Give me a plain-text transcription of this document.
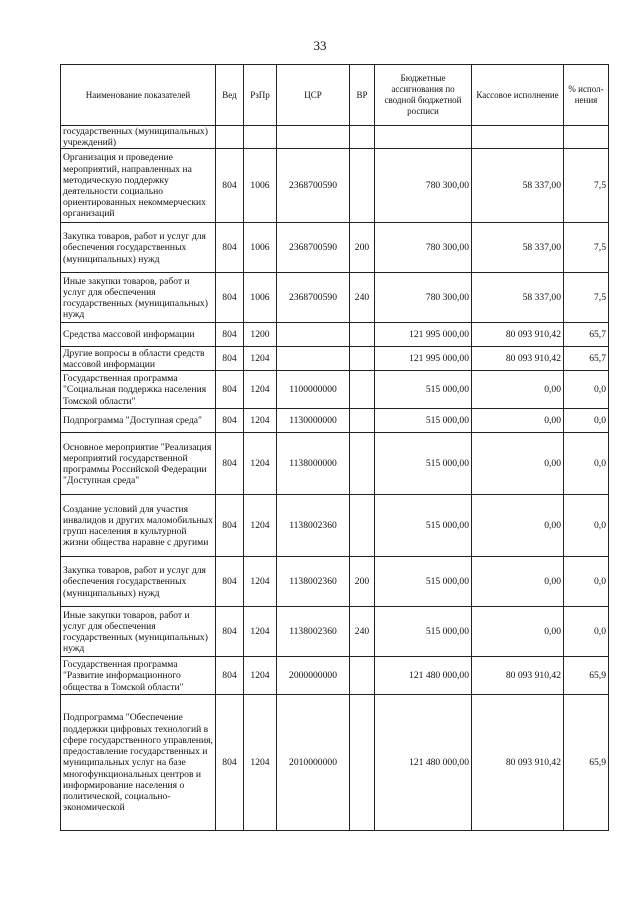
33
Наименование показателей	Вед	РзПр	ЦСР	ВР	Бюджетные ассигнования по сводной бюджетной росписи	Кассовое исполнение	% испол-нения
государственных (муниципальных) учреждений)							
Организация и проведение мероприятий, направленных на методическую поддержку деятельности социально ориентированных некоммерческих организаций	804	1006	2368700590		780 300,00	58 337,00	7,5
Закупка товаров, работ и услуг для обеспечения государственных (муниципальных) нужд	804	1006	2368700590	200	780 300,00	58 337,00	7,5
Иные закупки товаров, работ и услуг для обеспечения государственных (муниципальных) нужд	804	1006	2368700590	240	780 300,00	58 337,00	7,5
Средства массовой информации	804	1200			121 995 000,00	80 093 910,42	65,7
Другие вопросы в области средств массовой информации	804	1204			121 995 000,00	80 093 910,42	65,7
Государственная программа "Социальная поддержка населения Томской области"	804	1204	1100000000		515 000,00	0,00	0,0
Подпрограмма "Доступная среда"	804	1204	1130000000		515 000,00	0,00	0,0
Основное мероприятие "Реализация мероприятий государственной программы Российской Федерации "Доступная среда"	804	1204	1138000000		515 000,00	0,00	0,0
Создание условий для участия инвалидов и других маломобильных групп населения в культурной жизни общества наравне с другими	804	1204	1138002360		515 000,00	0,00	0,0
Закупка товаров, работ и услуг для обеспечения государственных (муниципальных) нужд	804	1204	1138002360	200	515 000,00	0,00	0,0
Иные закупки товаров, работ и услуг для обеспечения государственных (муниципальных) нужд	804	1204	1138002360	240	515 000,00	0,00	0,0
Государственная программа "Развитие информационного общества в Томской области"	804	1204	2000000000		121 480 000,00	80 093 910,42	65,9
Подпрограмма "Обеспечение поддержки цифровых технологий в сфере государственного управления, предоставление государственных и муниципальных услуг на базе многофункциональных центров и информирование населения о политической, социально-экономической	804	1204	2010000000		121 480 000,00	80 093 910,42	65,9
